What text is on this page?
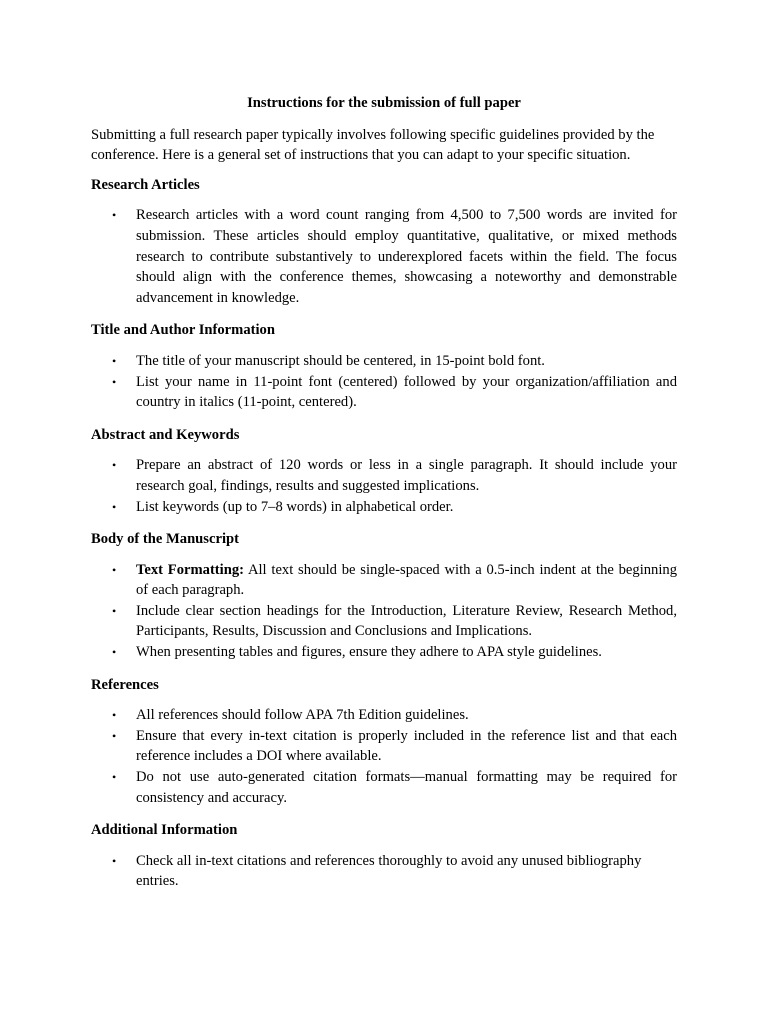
Instructions for the submission of full paper

Submitting a full research paper typically involves following specific guidelines provided by the conference. Here is a general set of instructions that you can adapt to your specific situation.

Research Articles

• Research articles with a word count ranging from 4,500 to 7,500 words are invited for submission. These articles should employ quantitative, qualitative, or mixed methods research to contribute substantively to underexplored facets within the field. The focus should align with the conference themes, showcasing a noteworthy and demonstrable advancement in knowledge.

Title and Author Information

• The title of your manuscript should be centered, in 15-point bold font.
• List your name in 11-point font (centered) followed by your organization/affiliation and country in italics (11-point, centered).

Abstract and Keywords

• Prepare an abstract of 120 words or less in a single paragraph. It should include your research goal, findings, results and suggested implications.
• List keywords (up to 7–8 words) in alphabetical order.

Body of the Manuscript

• Text Formatting: All text should be single-spaced with a 0.5-inch indent at the beginning of each paragraph.
• Include clear section headings for the Introduction, Literature Review, Research Method, Participants, Results, Discussion and Conclusions and Implications.
• When presenting tables and figures, ensure they adhere to APA style guidelines.

References

• All references should follow APA 7th Edition guidelines.
• Ensure that every in-text citation is properly included in the reference list and that each reference includes a DOI where available.
• Do not use auto-generated citation formats—manual formatting may be required for consistency and accuracy.

Additional Information

• Check all in-text citations and references thoroughly to avoid any unused bibliography entries.
